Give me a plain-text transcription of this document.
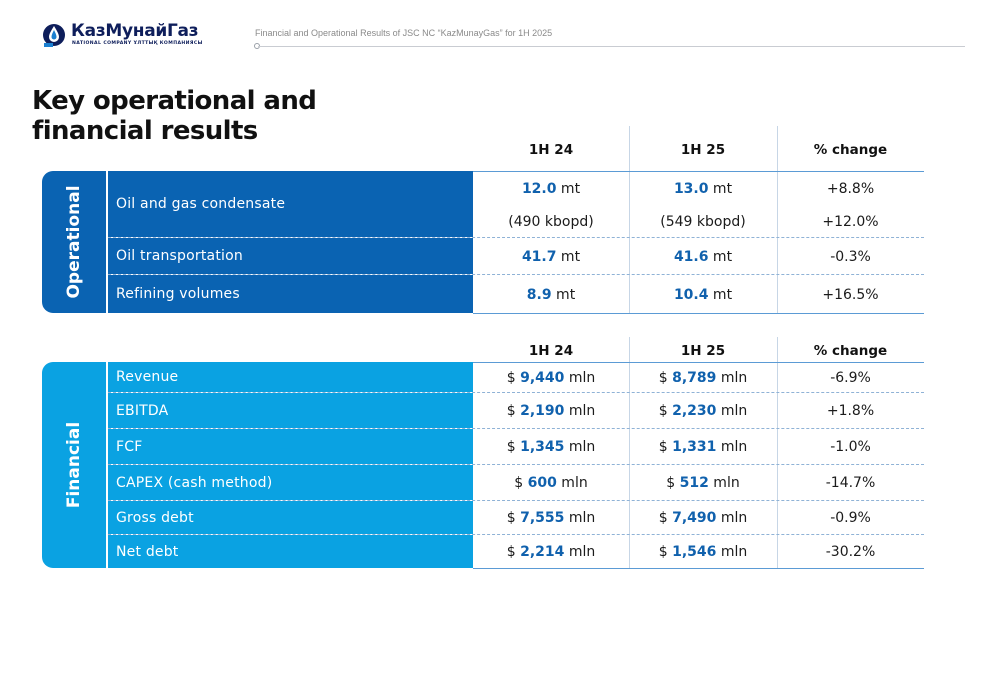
КазМунайГаз
NATIONAL COMPANY ҰЛТТЫҚ КОМПАНИЯСЫ
Financial and Operational Results of JSC NC “KazMunayGas” for 1H 2025
Key operational and financial results
1H 24	1H 25	% change
Operational	Oil and gas condensate
12.0 mt	13.0 mt	+8.8%
(490 kbopd)	(549 kbopd)	+12.0%
Oil transportation	41.7 mt	41.6 mt	-0.3%
Refining volumes	8.9 mt	10.4 mt	+16.5%
1H 24	1H 25	% change
Financial
Revenue	$ 9,440 mln	$ 8,789 mln	-6.9%
EBITDA	$ 2,190 mln	$ 2,230 mln	+1.8%
FCF	$ 1,345 mln	$ 1,331 mln	-1.0%
CAPEX (cash method)	$ 600 mln	$ 512 mln	-14.7%
Gross debt	$ 7,555 mln	$ 7,490 mln	-0.9%
Net debt	$ 2,214 mln	$ 1,546 mln	-30.2%
